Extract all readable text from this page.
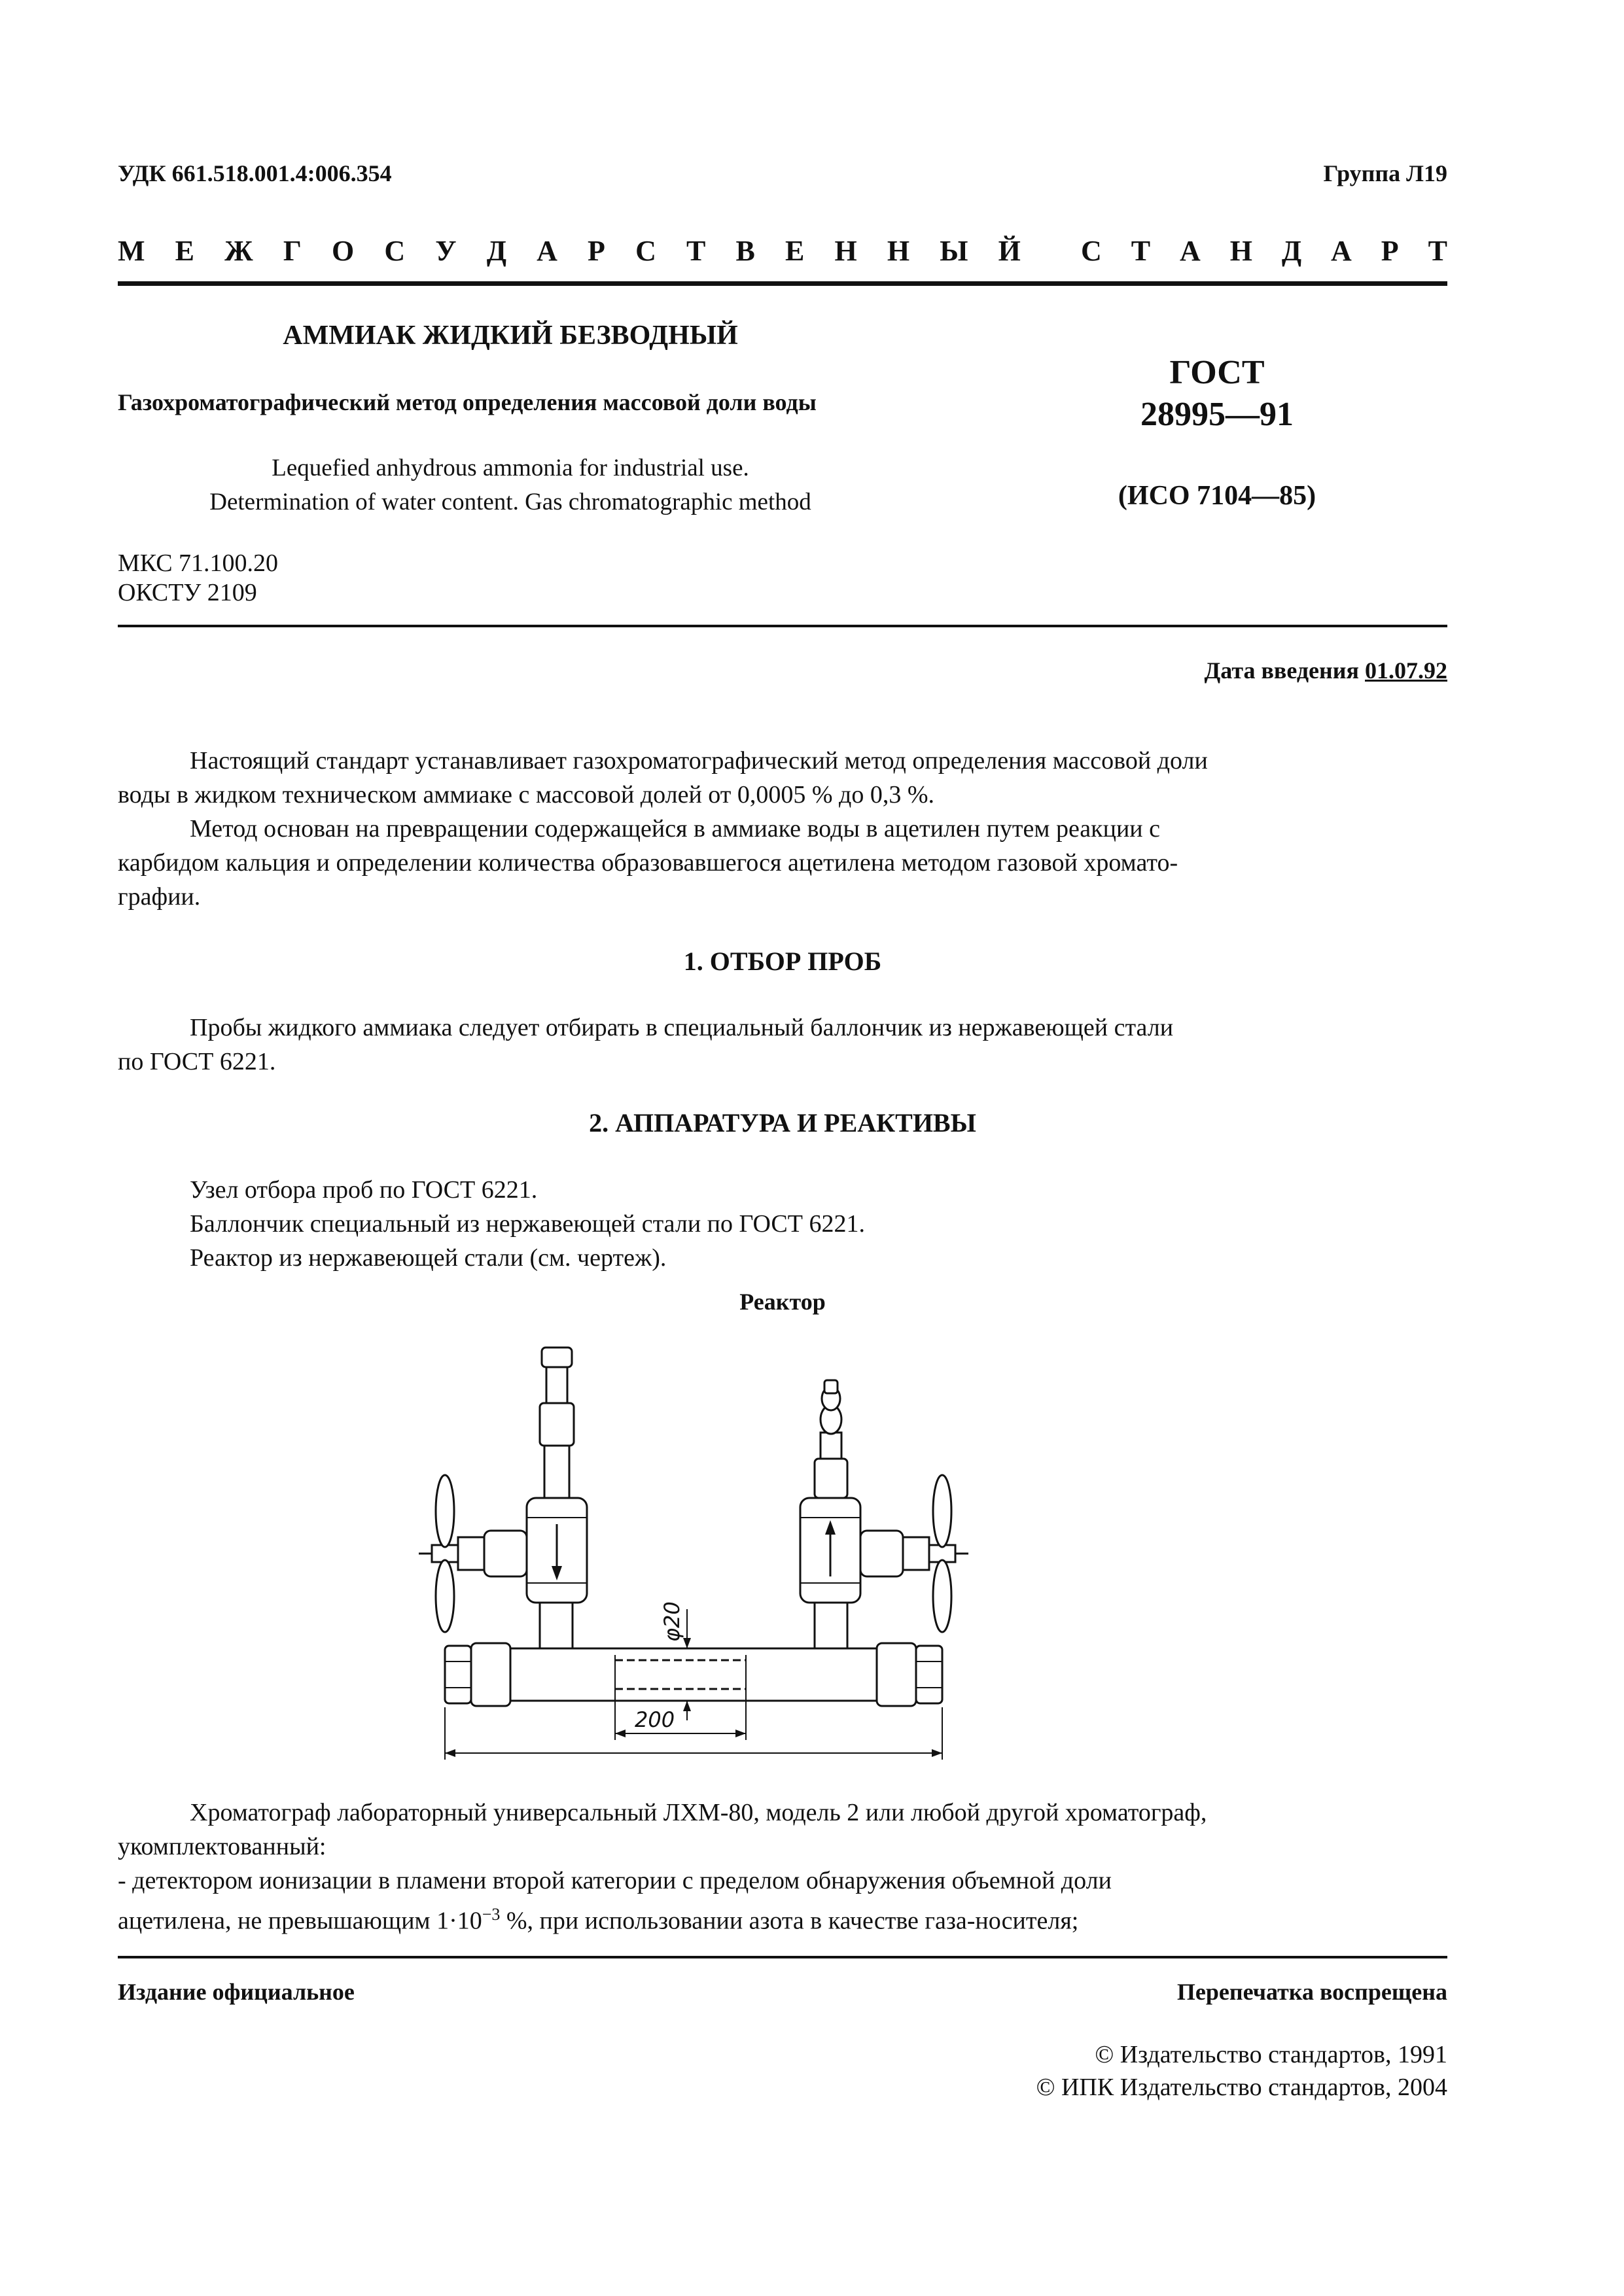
УДК 661.518.001.4:006.354	Группа Л19
М Е Ж Г О С У Д А Р С Т В Е Н Н Ы Й С Т А Н Д А Р Т
АММИАК ЖИДКИЙ БЕЗВОДНЫЙ
Газохроматографический метод определения массовой доли воды
Lequefied anhydrous ammonia for industrial use.
Determination of water content. Gas chromatographic method
ГОСТ
28995—91
(ИСО 7104—85)
МКС 71.100.20
ОКСТУ 2109
Дата введения 01.07.92
Настоящий стандарт устанавливает газохроматографический метод определения массовой доли
воды в жидком техническом аммиаке с массовой долей от 0,0005 % до 0,3 %.
Метод основан на превращении содержащейся в аммиаке воды в ацетилен путем реакции с
карбидом кальция и определении количества образовавшегося ацетилена методом газовой хромато-
графии.
1. ОТБОР ПРОБ
Пробы жидкого аммиака следует отбирать в специальный баллончик из нержавеющей стали
по ГОСТ 6221.
2. АППАРАТУРА И РЕАКТИВЫ
Узел отбора проб по ГОСТ 6221.
Баллончик специальный из нержавеющей стали по ГОСТ 6221.
Реактор из нержавеющей стали (см. чертеж).
Реактор
φ20
200
Хроматограф лабораторный универсальный ЛХМ-80, модель 2 или любой другой хроматограф,
укомплектованный:
- детектором ионизации в пламени второй категории с пределом обнаружения объемной доли
ацетилена, не превышающим $1\cdot 10^{-3}$ %, при использовании азота в качестве газа-носителя;
Издание официальное	Перепечатка воспрещена
© Издательство стандартов, 1991
© ИПК Издательство стандартов, 2004
